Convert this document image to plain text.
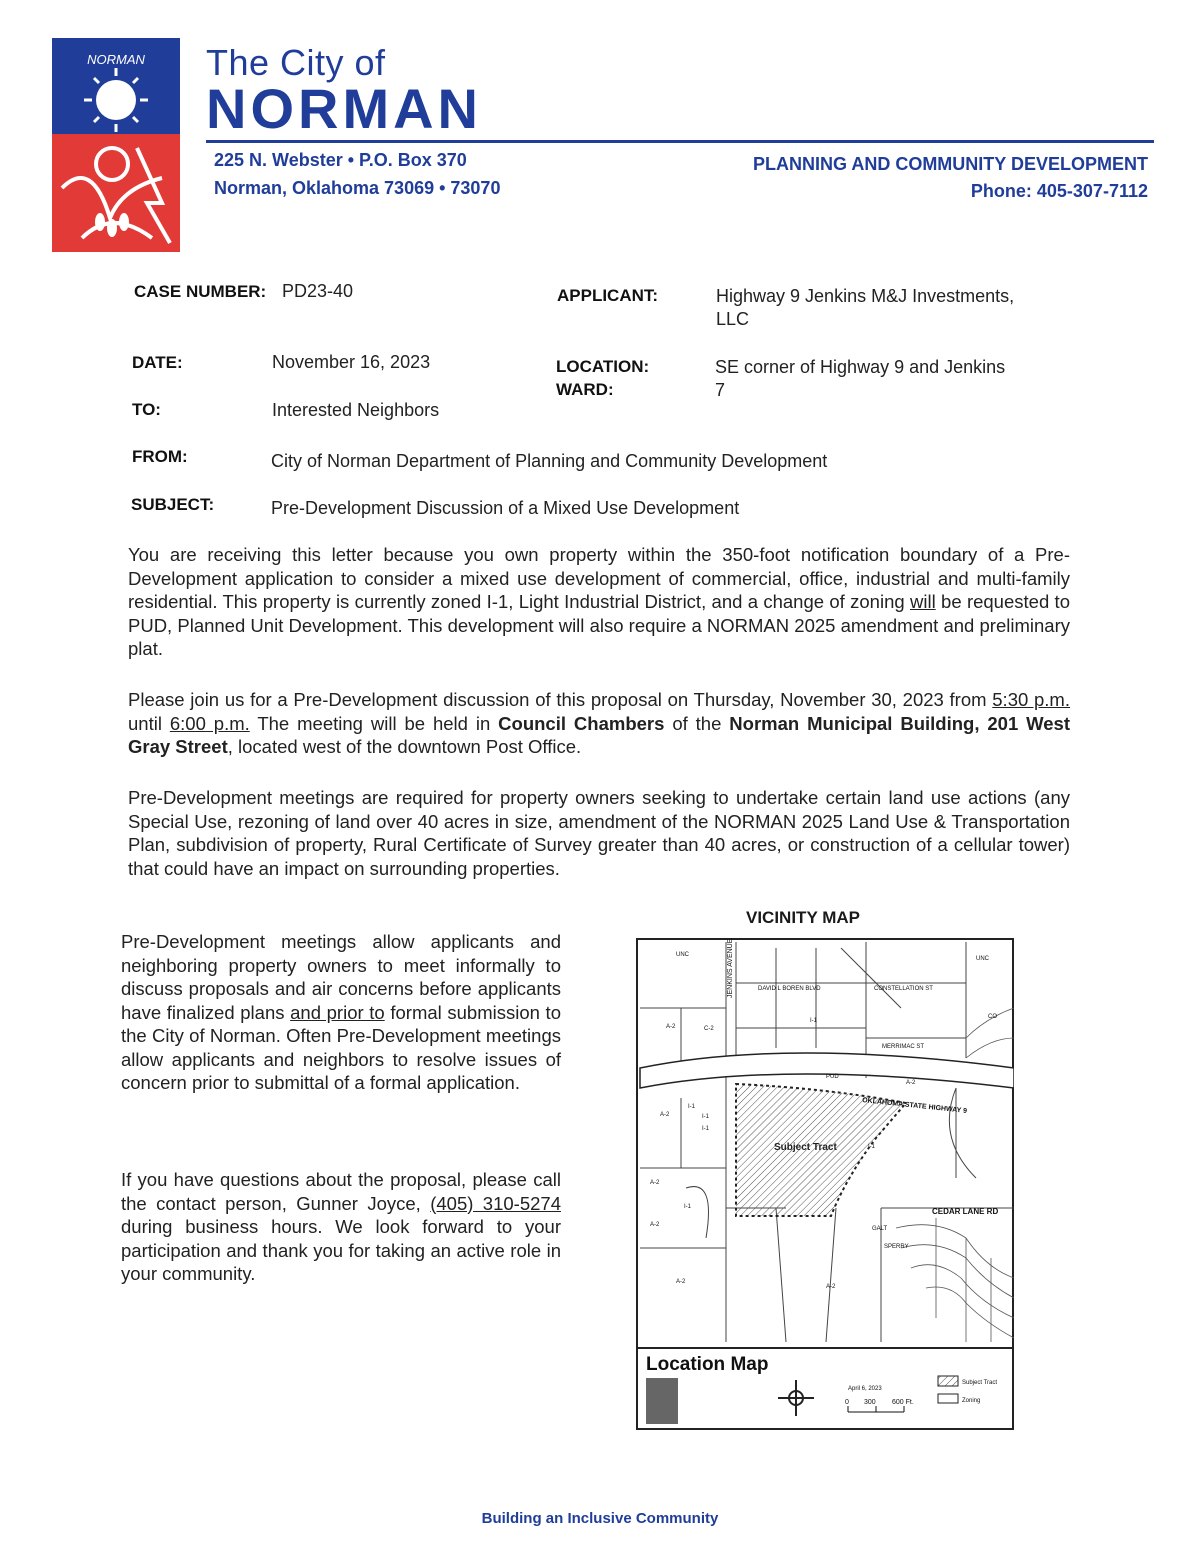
NORMAN The City of
NORMAN
225 N. Webster • P.O. Box 370
Norman, Oklahoma 73069 • 73070
PLANNING AND COMMUNITY DEVELOPMENT
Phone: 405-307-7112
CASE NUMBER: PD23-40	APPLICANT:	Highway 9 Jenkins M&J Investments,
LLC
DATE:	November 16, 2023	LOCATION:	SE corner of Highway 9 and Jenkins
WARD:	7
TO:	Interested Neighbors
FROM:	City of Norman Department of Planning and Community Development
SUBJECT:	Pre-Development Discussion of a Mixed Use Development
You are receiving this letter because you own property within the 350-foot notification boundary of a Pre-Development application to consider a mixed use development of commercial, office, industrial and multi-family residential. This property is currently zoned I-1, Light Industrial District, and a change of zoning will be requested to PUD, Planned Unit Development. This development will also require a NORMAN 2025 amendment and preliminary plat.
Please join us for a Pre-Development discussion of this proposal on Thursday, November 30, 2023 from 5:30 p.m. until 6:00 p.m. The meeting will be held in Council Chambers of the Norman Municipal Building, 201 West Gray Street, located west of the downtown Post Office.
Pre-Development meetings are required for property owners seeking to undertake certain land use actions (any Special Use, rezoning of land over 40 acres in size, amendment of the NORMAN 2025 Land Use & Transportation Plan, subdivision of property, Rural Certificate of Survey greater than 40 acres, or construction of a cellular tower) that could have an impact on surrounding properties.
Pre-Development meetings allow applicants and neighboring property owners to meet informally to discuss proposals and air concerns before applicants have finalized plans and prior to formal submission to the City of Norman. Often Pre-Development meetings allow applicants and neighbors to resolve issues of concern prior to submittal of a formal application.
If you have questions about the proposal, please call the contact person, Gunner Joyce, (405) 310-5274 during business hours. We look forward to your participation and thank you for taking an active role in your community.
VICINITY MAP
JENKINS AVENUE	DAVID L BOREN BLVD	CONSTELLATION ST
MERRIMAC ST
OKLAHOMA STATE HIGHWAY 9
Subject Tract
CEDAR LANE RD
GALT
SPERRY
UNC
A-2	C-2
I-1
I-1
I-1
A-2
I-1
PUD
A-2
I-1
A-2
A-2
I-1
A-2
CO
UNC
A-2
Location Map
April 6, 2023
0 300 600 Ft.
Subject Tract
Zoning
Building an Inclusive Community
